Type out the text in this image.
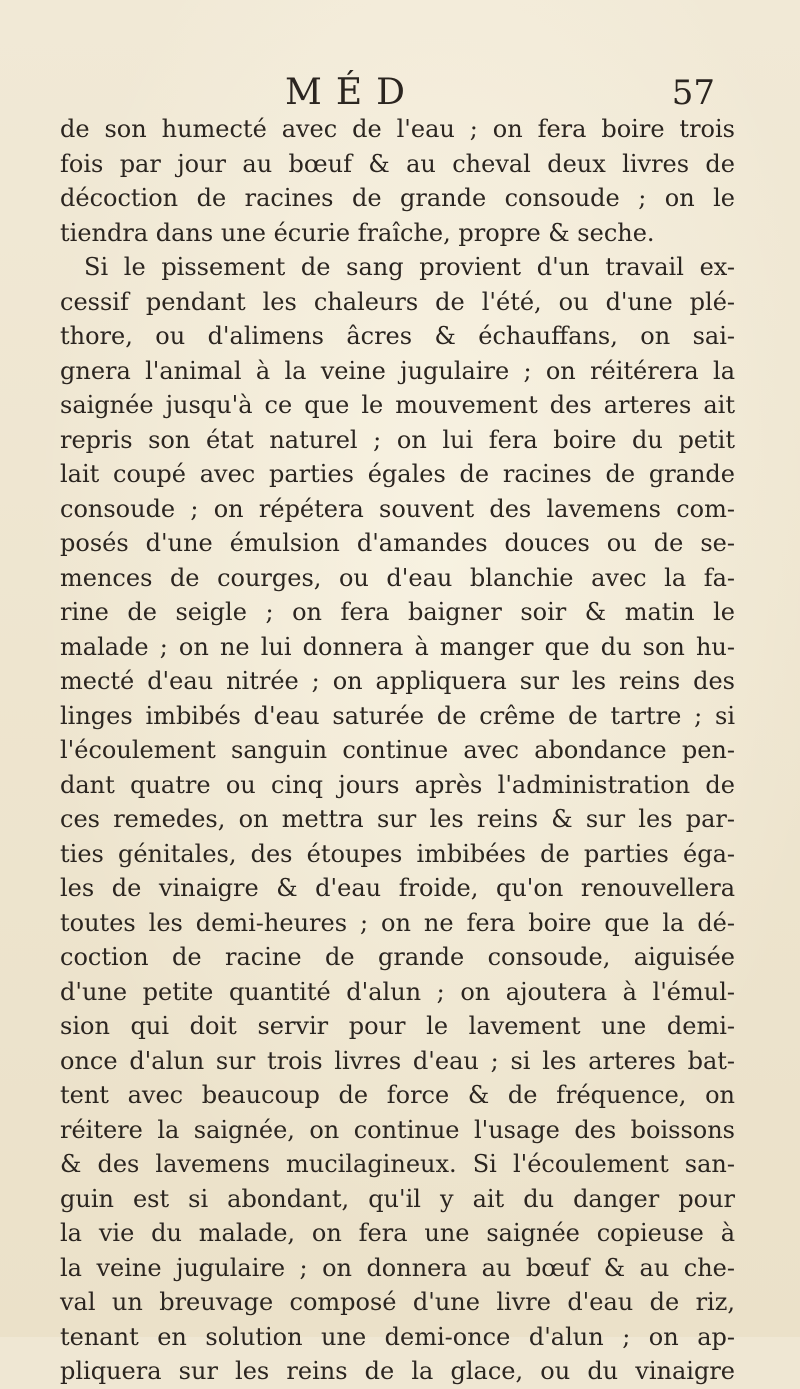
MÉD	57
de son humecté avec de l'eau ; on fera boire trois
fois par jour au bœuf & au cheval deux livres de
décoction de racines de grande consoude ; on le
tiendra dans une écurie fraîche, propre & seche.
Si le pissement de sang provient d'un travail ex-
cessif pendant les chaleurs de l'été, ou d'une plé-
thore, ou d'alimens âcres & échauffans, on sai-
gnera l'animal à la veine jugulaire ; on réitérera la
saignée jusqu'à ce que le mouvement des arteres ait
repris son état naturel ; on lui fera boire du petit
lait coupé avec parties égales de racines de grande
consoude ; on répétera souvent des lavemens com-
posés d'une émulsion d'amandes douces ou de se-
mences de courges, ou d'eau blanchie avec la fa-
rine de seigle ; on fera baigner soir & matin le
malade ; on ne lui donnera à manger que du son hu-
mecté d'eau nitrée ; on appliquera sur les reins des
linges imbibés d'eau saturée de crême de tartre ; si
l'écoulement sanguin continue avec abondance pen-
dant quatre ou cinq jours après l'administration de
ces remedes, on mettra sur les reins & sur les par-
ties génitales, des étoupes imbibées de parties éga-
les de vinaigre & d'eau froide, qu'on renouvellera
toutes les demi-heures ; on ne fera boire que la dé-
coction de racine de grande consoude, aiguisée
d'une petite quantité d'alun ; on ajoutera à l'émul-
sion qui doit servir pour le lavement une demi-
once d'alun sur trois livres d'eau ; si les arteres bat-
tent avec beaucoup de force & de fréquence, on
réitere la saignée, on continue l'usage des boissons
& des lavemens mucilagineux. Si l'écoulement san-
guin est si abondant, qu'il y ait du danger pour
la vie du malade, on fera une saignée copieuse à
la veine jugulaire ; on donnera au bœuf & au che-
val un breuvage composé d'une livre d'eau de riz,
tenant en solution une demi-once d'alun ; on ap-
pliquera sur les reins de la glace, ou du vinaigre
